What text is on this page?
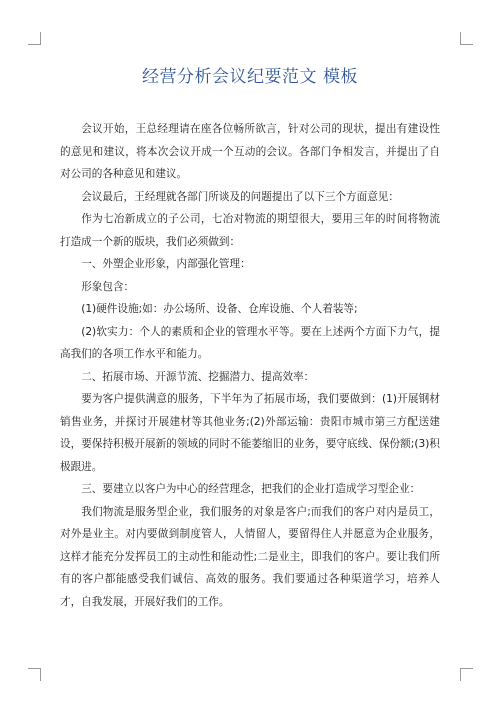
经营分析会议纪要范文 模板

会议开始，王总经理请在座各位畅所欲言，针对公司的现状，提出有建设性的意见和建议，将本次会议开成一个互动的会议。各部门争相发言，并提出了自对公司的各种意见和建议。

会议最后，王经理就各部门所谈及的问题提出了以下三个方面意见：

作为七冶新成立的子公司，七冶对物流的期望很大，要用三年的时间将物流打造成一个新的版块，我们必须做到：

一、外塑企业形象，内部强化管理：

形象包含：

(1)硬件设施;如：办公场所、设备、仓库设施、个人着装等;

(2)软实力：个人的素质和企业的管理水平等。要在上述两个方面下力气，提高我们的各项工作水平和能力。

二、拓展市场、开源节流、挖掘潜力、提高效率：

要为客户提供满意的服务，下半年为了拓展市场，我们要做到：(1)开展钢材销售业务，并探讨开展建材等其他业务;(2)外部运输：贵阳市城市第三方配送建设，要保持积极开展新的领域的同时不能萎缩旧的业务，要守底线、保份额;(3)积极跟进。

三、要建立以客户为中心的经营理念，把我们的企业打造成学习型企业：

我们物流是服务型企业，我们服务的对象是客户;而我们的客户对内是员工，对外是业主。对内要做到制度管人，人情留人，要留得住人并愿意为企业服务，这样才能充分发挥员工的主动性和能动性;二是业主，即我们的客户。要让我们所有的客户都能感受我们诚信、高效的服务。我们要通过各种渠道学习，培养人才，自我发展，开展好我们的工作。
